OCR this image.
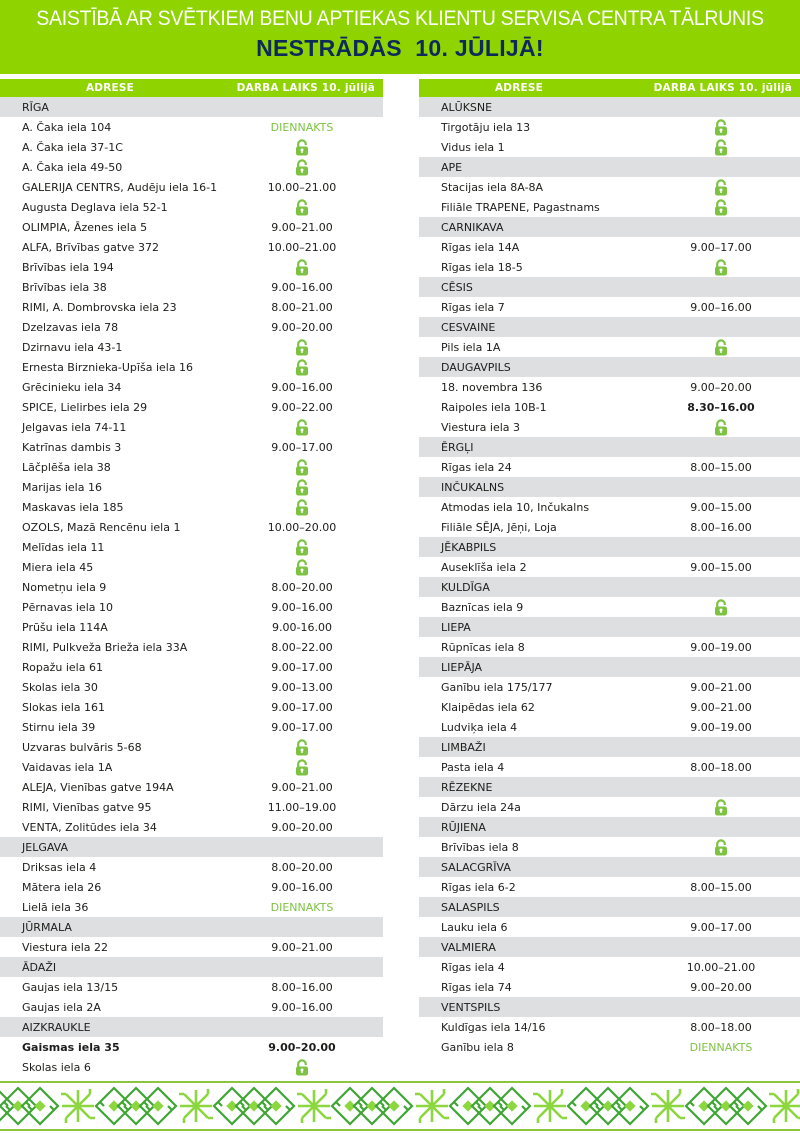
SAISTĪBĀ AR SVĒTKIEM BENU APTIEKAS KLIENTU SERVISA CENTRA TĀLRUNIS
NESTRĀDĀS  10. JŪLIJĀ!
ADRESE	DARBA LAIKS 10. jūlijā
RĪGA
A. Čaka iela 104	DIENNAKTS
A. Čaka iela 37-1C
A. Čaka iela 49-50
GALERIJA CENTRS, Audēju iela 16-1	10.00–21.00
Augusta Deglava iela 52-1
OLIMPIA, Āzenes iela 5	9.00–21.00
ALFA, Brīvības gatve 372	10.00–21.00
Brīvības iela 194
Brīvības iela 38	9.00–16.00
RIMI, A. Dombrovska iela 23	8.00–21.00
Dzelzavas iela 78	9.00–20.00
Dzirnavu iela 43-1
Ernesta Birznieka-Upīša iela 16
Grēcinieku iela 34	9.00–16.00
SPICE, Lielirbes iela 29	9.00–22.00
Jelgavas iela 74-11
Katrīnas dambis 3	9.00–17.00
Lāčplēša iela 38
Marijas iela 16
Maskavas iela 185
OZOLS, Mazā Rencēnu iela 1	10.00–20.00
Melīdas iela 11
Miera iela 45
Nometņu iela 9	8.00–20.00
Pērnavas iela 10	9.00–16.00
Prūšu iela 114A	9.00-16.00
RIMI, Pulkveža Brieža iela 33A	8.00–22.00
Ropažu iela 61	9.00–17.00
Skolas iela 30	9.00–13.00
Slokas iela 161	9.00–17.00
Stirnu iela 39	9.00–17.00
Uzvaras bulvāris 5-68
Vaidavas iela 1A
ALEJA, Vienības gatve 194A	9.00–21.00
RIMI, Vienības gatve 95	11.00–19.00
VENTA, Zolitūdes iela 34	9.00–20.00
JELGAVA
Driksas iela 4	8.00–20.00
Mātera iela 26	9.00–16.00
Lielā iela 36	DIENNAKTS
JŪRMALA
Viestura iela 22	9.00–21.00
ĀDAŽI
Gaujas iela 13/15	8.00–16.00
Gaujas iela 2A	9.00–16.00
AIZKRAUKLE
Gaismas iela 35	9.00–20.00
Skolas iela 6
ADRESE	DARBA LAIKS 10. jūlijā
ALŪKSNE
Tirgotāju iela 13
Vidus iela 1
APE
Stacijas iela 8A-8A
Filiāle TRAPENE, Pagastnams
CARNIKAVA
Rīgas iela 14A	9.00–17.00
Rīgas iela 18-5
CĒSIS
Rīgas iela 7	9.00–16.00
CESVAINE
Pils iela 1A
DAUGAVPILS
18. novembra 136	9.00–20.00
Raipoles iela 10B-1	8.30–16.00
Viestura iela 3
ĒRGĻI
Rīgas iela 24	8.00–15.00
INČUKALNS
Atmodas iela 10, Inčukalns	9.00–15.00
Filiāle SĒJA, Jēņi, Loja	8.00–16.00
JĒKABPILS
Auseklīša iela 2	9.00–15.00
KULDĪGA
Baznīcas iela 9
LIEPA
Rūpnīcas iela 8	9.00–19.00
LIEPĀJA
Ganību iela 175/177	9.00–21.00
Klaipēdas iela 62	9.00–21.00
Ludviķa iela 4	9.00–19.00
LIMBAŽI
Pasta iela 4	8.00–18.00
RĒZEKNE
Dārzu iela 24a
RŪJIENA
Brīvības iela 8
SALACGRĪVA
Rīgas iela 6-2	8.00–15.00
SALASPILS
Lauku iela 6	9.00–17.00
VALMIERA
Rīgas iela 4	10.00–21.00
Rīgas iela 74	9.00–20.00
VENTSPILS
Kuldīgas iela 14/16	8.00–18.00
Ganību iela 8	DIENNAKTS
